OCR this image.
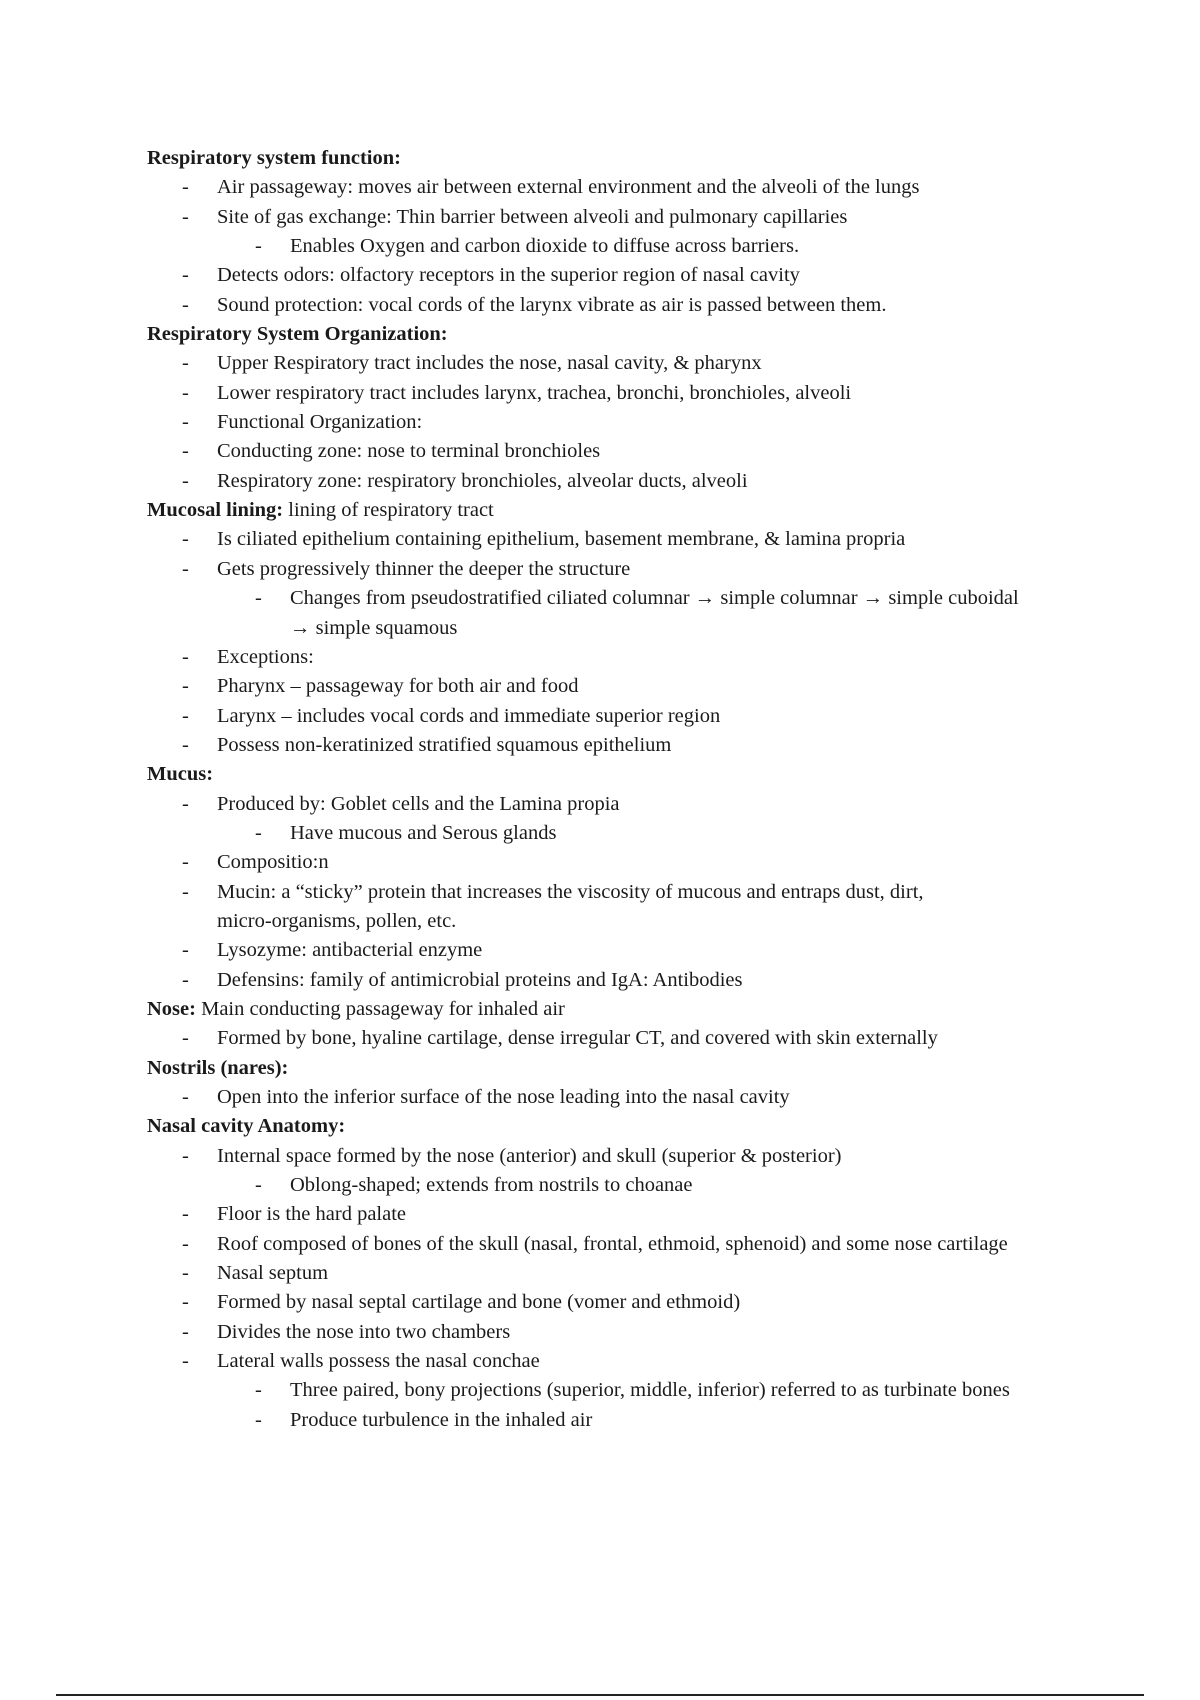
Respiratory system function:
- Air passageway: moves air between external environment and the alveoli of the lungs
- Site of gas exchange: Thin barrier between alveoli and pulmonary capillaries
- Enables Oxygen and carbon dioxide to diffuse across barriers.
- Detects odors: olfactory receptors in the superior region of nasal cavity
- Sound protection: vocal cords of the larynx vibrate as air is passed between them.
Respiratory System Organization:
- Upper Respiratory tract includes the nose, nasal cavity, & pharynx
- Lower respiratory tract includes larynx, trachea, bronchi, bronchioles, alveoli
- Functional Organization:
- Conducting zone: nose to terminal bronchioles
- Respiratory zone: respiratory bronchioles, alveolar ducts, alveoli
Mucosal lining: lining of respiratory tract
- Is ciliated epithelium containing epithelium, basement membrane, & lamina propria
- Gets progressively thinner the deeper the structure
- Changes from pseudostratified ciliated columnar → simple columnar → simple cuboidal
→ simple squamous
- Exceptions:
- Pharynx – passageway for both air and food
- Larynx – includes vocal cords and immediate superior region
- Possess non-keratinized stratified squamous epithelium
Mucus:
- Produced by: Goblet cells and the Lamina propia
- Have mucous and Serous glands
- Compositio:n
- Mucin: a “sticky” protein that increases the viscosity of mucous and entraps dust, dirt,
micro-organisms, pollen, etc.
- Lysozyme: antibacterial enzyme
- Defensins: family of antimicrobial proteins and IgA: Antibodies
Nose: Main conducting passageway for inhaled air
- Formed by bone, hyaline cartilage, dense irregular CT, and covered with skin externally
Nostrils (nares):
- Open into the inferior surface of the nose leading into the nasal cavity
Nasal cavity Anatomy:
- Internal space formed by the nose (anterior) and skull (superior & posterior)
- Oblong-shaped; extends from nostrils to choanae
- Floor is the hard palate
- Roof composed of bones of the skull (nasal, frontal, ethmoid, sphenoid) and some nose cartilage
- Nasal septum
- Formed by nasal septal cartilage and bone (vomer and ethmoid)
- Divides the nose into two chambers
- Lateral walls possess the nasal conchae
- Three paired, bony projections (superior, middle, inferior) referred to as turbinate bones
- Produce turbulence in the inhaled air
